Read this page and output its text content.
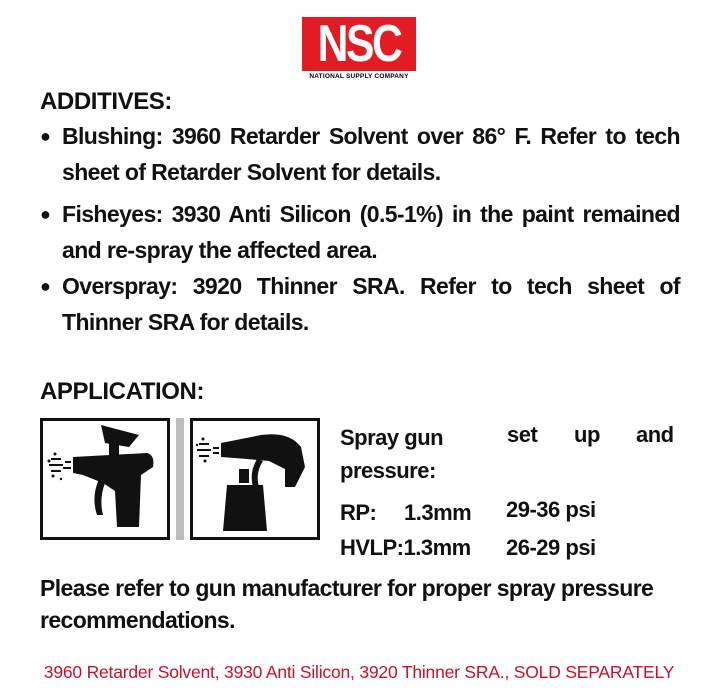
NSC
NATIONAL SUPPLY COMPANY
ADDITIVES:
● Blushing: 3960 Retarder Solvent over 86° F. Refer to tech sheet of Retarder Solvent for details.
● Fisheyes: 3930 Anti Silicon (0.5-1%) in the paint remained and re-spray the affected area.
● Overspray: 3920 Thinner SRA. Refer to tech sheet of Thinner SRA for details.
APPLICATION:
Spray gun	set up and
pressure:
RP: 1.3mm 29-36 psi
HVLP:1.3mm 26-29 psi
Please refer to gun manufacturer for proper spray pressure recommendations.
3960 Retarder Solvent, 3930 Anti Silicon, 3920 Thinner SRA., SOLD SEPARATELY
